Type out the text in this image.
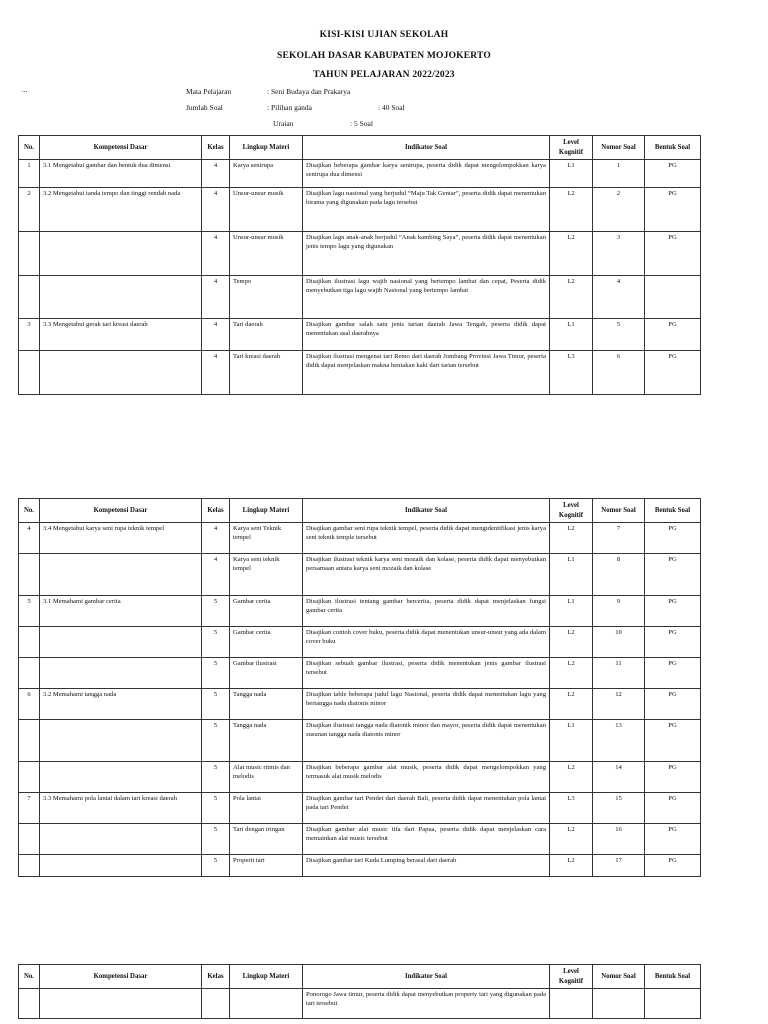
KISI-KISI UJIAN SEKOLAH
SEKOLAH DASAR KABUPATEN MOJOKERTO
TAHUN PELAJARAN 2022/2023
...	Mata Pelajaran	: Seni Budaya dan Prakarya
Jumlah Soal	: Pilihan ganda	: 40 Soal
Uraian	: 5 Soal
No.	Kompetensi Dasar	Kelas	Lingkup Materi	Indikator Soal	Level Kognitif	Nomor Soal	Bentuk Soal
1	3.1 Mengetahui gambar dan bentuk dua dimensi	4	Karya senirupa	Disajikan beberapa gambar karya senirupa, peserta didik dapat mengelompokkan karya senirupa dua dimensi	L1	1	PG
2	3.2 Mengetahui tanda tempo dan tinggi rendah nada	4	Unsur-unsur musik	Disajikan lagu nasional yang berjudul “Maju Tak Gentar”, peserta didik dapat menentukan birama yang digunakan pada lagu tersebut	L2	2	PG
		4	Unsur-unsur musik	Disajikan lagu anak-anak berjudul “Anak kambing Saya”, peserta didik dapat menentukan jenis tempo lagu yang digunakan	L2	3	PG
		4	Tempo	Disajikan ilustrasi lagu wajib nasional yang bertempo lambat dan cepat, Peserta didik menyebutkan tiga lagu wajib Nasional yang bertempo lambat	L2	4	
3	3.3 Mengetahui gerak tari kreasi daerah	4	Tari daerah	Disajikan gambar salah satu jenis tarian daerah Jawa Tengah, peserta didik dapat menentukan asal daerahnya	L1	5	PG
		4	Tari kreasi daerah	Disajikan ilustrasi mengenai tari Remo dari daerah Jombang Provinsi Jawa Timur, peserta didik dapat menjelaskan makna hentakan kaki dari tarian tersebut	L3	6	PG
No.	Kompetensi Dasar	Kelas	Lingkup Materi	Indikator Soal	Level Kognitif	Nomor Soal	Bentuk Soal
4	3.4 Mengetahui karya seni rupa teknik tempel	4	Karya seni Teknik tempel	Disajikan gambar seni rupa teknik tempel, peserta didik dapat mengidentifikasi jenis karya seni teknik temple tersebut	L2	7	PG
		4	Karya seni teknik tempel	Disajikan ilustrasi teknik karya seni mozaik dan kolase, peserta didik dapat menyebutkan persamaan antara karya seni mozaik dan kolase	L1	8	PG
5	3.1 Memahami gambar cerita	5	Gambar cerita	Disajikan ilustrasi tentang gambar bercerita, peserta didik dapat menjelaskan fungsi gambar cerita	L1	9	PG
		5	Gambar cerita	Disajikan contoh cover buku, peserta didik dapat menentukan unsur-unsur yang ada dalam cover buku	L2	10	PG
		5	Gambar ilustrasi	Disajikan sebuah gambar ilustrasi, peserta didik menentukan jenis gambar ilustrasi tersebut	L2	11	PG
6	3.2 Memahami tangga nada	5	Tangga nada	Disajikan table beberapa judul lagu Nasional, peserta didik dapat menentukan lagu yang bertangga nada diatonis minor	L2	12	PG
		5	Tangga nada	Disajikan ilustrasi tangga nada diatonik minor dan mayor, peserta didik dapat menentukan susunan tangga nada diatonis minor	L1	13	PG
		5	Alat music ritmis dan melodis	Disajikan beberapa gambar alat musik, peserta didik dapat mengelompokkan yang termasuk alat musik melodis	L2	14	PG
7	3.3 Memahami pola lantai dalam tari kreasi daerah	5	Pola lantai	Disajikan gambar tari Pendet dari daerah Bali, peserta didik dapat menentukan pola lantai pada tari Pendet	L3	15	PG
		5	Tari dengan iringan	Disajikan gambar alat music tifa dari Papua, peserta didik dapat menjelaskan cara memainkan alat music tersebut	L2	16	PG
		5	Properti tari	Disajikan gambar tari Kuda Lumping berasal dari daerah	L2	17	PG
No.	Kompetensi Dasar	Kelas	Lingkup Materi	Indikator Soal	Level Kognitif	Nomor Soal	Bentuk Soal
				Ponorogo Jawa timur, peserta didik dapat menyebutkan property tari yang digunakan pada tari tersebut			
